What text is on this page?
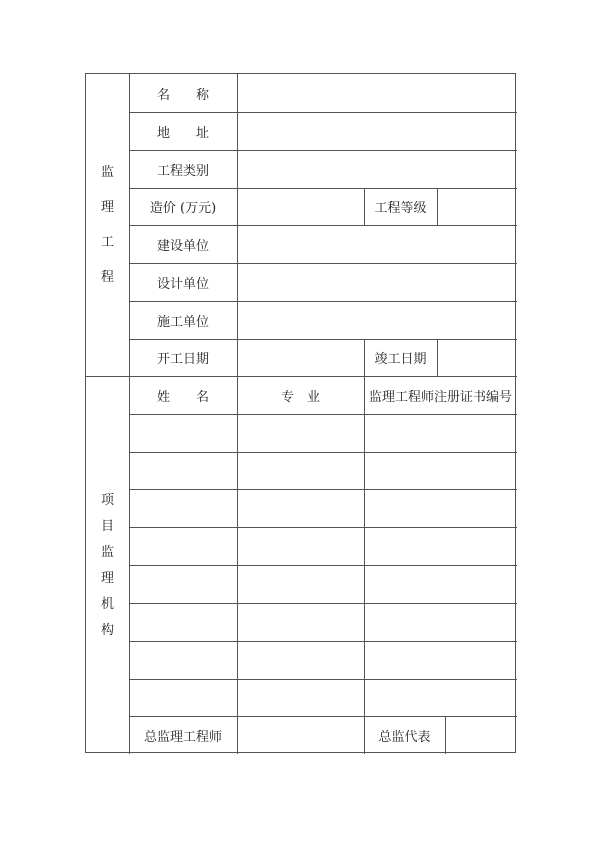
监
理
工
程
名　　称
地　　址
工程类别
造价 (万元)	工程等级
建设单位
设计单位
施工单位
开工日期	竣工日期
项
目
监
理
机
构
姓　　名	专　业	监理工程师注册证书编号
总监理工程师	总监代表
